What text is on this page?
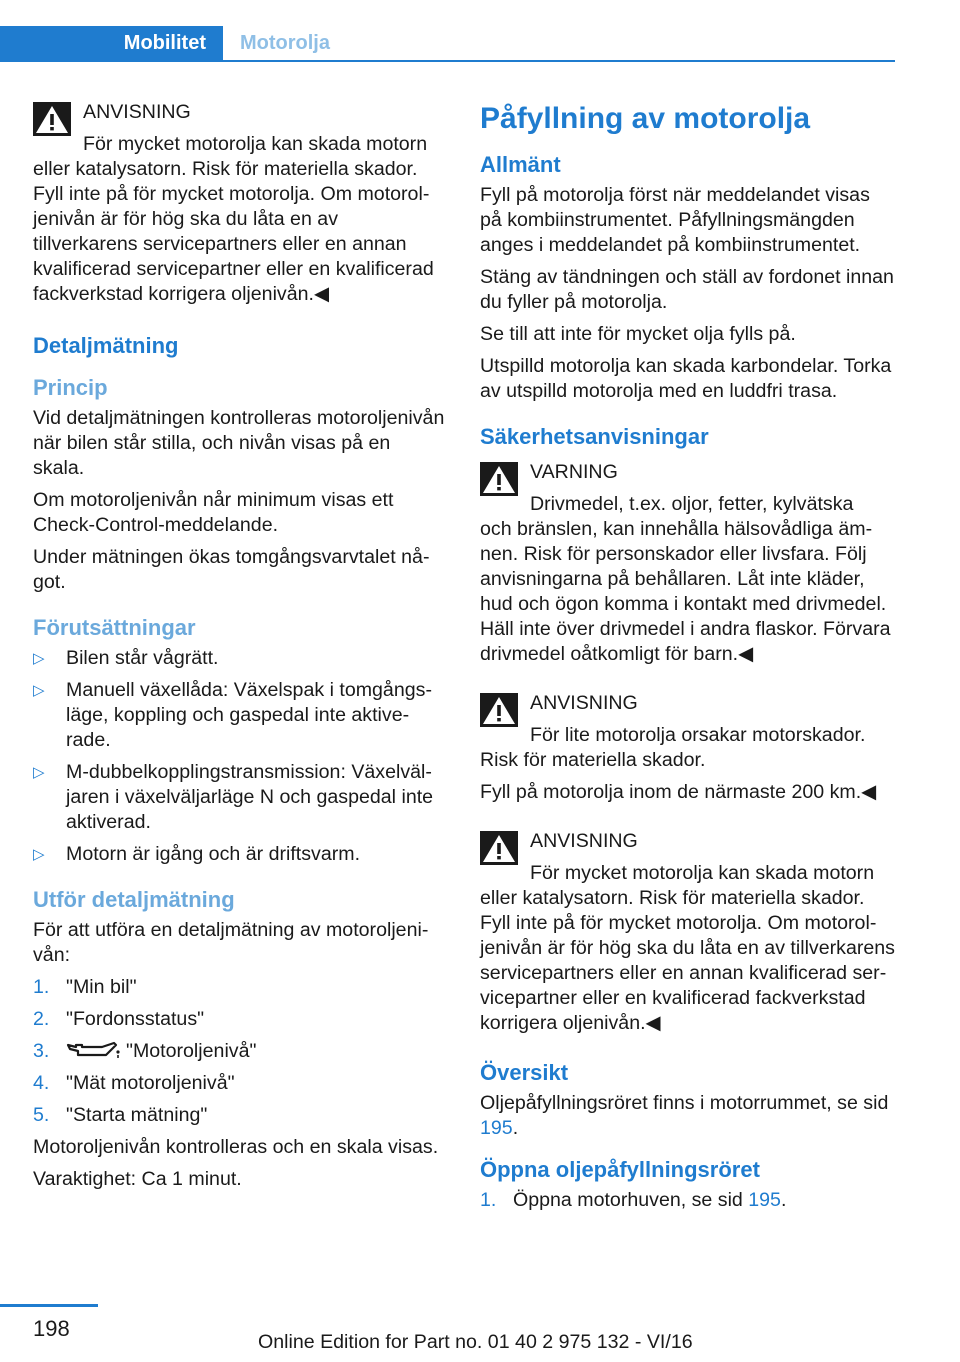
Mobilitet	Motorolja
ANVISNING
För mycket motorolja kan skada motorn

eller katalysatorn. Risk för materiella skador. Fyll inte på för mycket motorolja. Om motoroljenivån är för hög ska du låta en av tillverkarens servicepartners eller en annan kvalificerad servicepartner eller en kvalificerad fackverkstad korrigera oljenivån.◀

Detaljmätning
Princip

Vid detaljmätningen kontrolleras motoroljenivån när bilen står stilla, och nivån visas på en skala.

Om motoroljenivån når minimum visas ett Check-Control-meddelande.

Under mätningen ökas tomgångsvarvtalet något.

Förutsättningar
▷ Bilen står vågrätt.
▷ Manuell växellåda: Växelspak i tomgångsläge, koppling och gaspedal inte aktiverade.
▷ M-dubbelkopplingstransmission: Växelväljaren i växelväljarläge N och gaspedal inte aktiverad.
▷ Motorn är igång och är driftsvarm.
Utför detaljmätning

För att utföra en detaljmätning av motoroljenivån:

1. "Min bil"
2. "Fordonsstatus"
3.	"Motoroljenivå"
4. "Mät motoroljenivå"
5. "Starta mätning"

Motoroljenivån kontrolleras och en skala visas.

Varaktighet: Ca 1 minut.

Påfyllning av motorolja
Allmänt

Fyll på motorolja först när meddelandet visas på kombiinstrumentet. Påfyllningsmängden anges i meddelandet på kombiinstrumentet.

Stäng av tändningen och ställ av fordonet innan du fyller på motorolja.

Se till att inte för mycket olja fylls på.

Utspilld motorolja kan skada karbondelar. Torka av utspilld motorolja med en luddfri trasa.

Säkerhetsanvisningar
VARNING
Drivmedel, t.ex. oljor, fetter, kylvätska

och bränslen, kan innehålla hälsovådliga ämnen. Risk för personskador eller livsfara. Följ anvisningarna på behållaren. Låt inte kläder, hud och ögon komma i kontakt med drivmedel. Häll inte över drivmedel i andra flaskor. Förvara drivmedel oåtkomligt för barn.◀

ANVISNING
För lite motorolja orsakar motorskador.

Risk för materiella skador.

Fyll på motorolja inom de närmaste 200 km.◀

ANVISNING
För mycket motorolja kan skada motorn

eller katalysatorn. Risk för materiella skador. Fyll inte på för mycket motorolja. Om motoroljenivån är för hög ska du låta en av tillverkarens servicepartners eller en annan kvalificerad servicepartner eller en kvalificerad fackverkstad korrigera oljenivån.◀

Översikt

Oljepåfyllningsröret finns i motorrummet, se sid 195.

Öppna oljepåfyllningsröret
1. Öppna motorhuven, se sid 195.
198
Online Edition for Part no. 01 40 2 975 132 - VI/16
